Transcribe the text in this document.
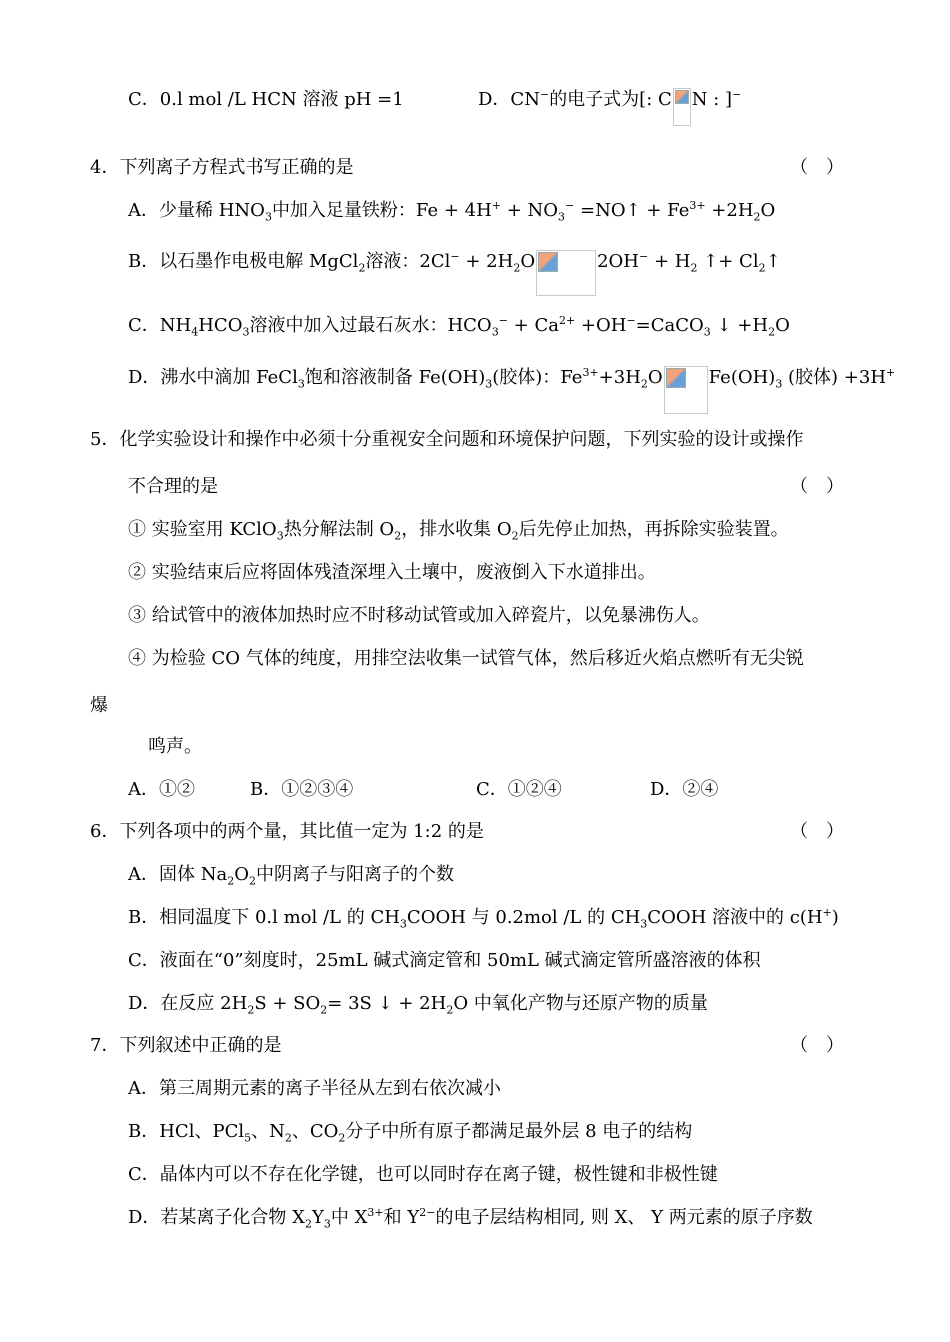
C．0.l mol /L HCN 溶液 pH =1	D．CN−的电子式为[: C N : ]−
4．下列离子方程式书写正确的是	（　）
A．少量稀 $HNO_3$中加入足量铁粉：$Fe + 4H^+ + NO_3^-$ =NO↑ + $Fe^{3+} +2H_2O$
B．以石墨作电极电解 MgCl$_2$溶液：$2Cl^- + 2H_2O$	$2OH^- + H_2$ ↑+ $Cl_2↑$
C．$NH_4HCO_3$溶液中加入过最石灰水：$HCO_3^- + Ca^{2+}$ +OH−=CaCO$_3$ ↓ $+H_2O$
D．沸水中滴加 FeCl$_3$饱和溶液制备 $Fe(OH)_3$(胶体)：$Fe^{3+}+3H_2O$	$Fe(OH)_3$ (胶体) +3H+
5．化学实验设计和操作中必须十分重视安全问题和环境保护问题，下列实验的设计或操作
不合理的是	（　）
① 实验室用 KClO$_3$热分解法制 $O_2$，排水收集 $O_2$后先停止加热，再拆除实验装置。
② 实验结束后应将固体残渣深埋入土壤中，废液倒入下水道排出。
③ 给试管中的液体加热时应不时移动试管或加入碎瓷片，以免暴沸伤人。
④ 为检验 CO 气体的纯度，用排空法收集一试管气体，然后移近火焰点燃听有无尖锐
爆
鸣声。
A．①②	B．①②③④	C．①②④	D．②④
6．下列各项中的两个量，其比值一定为 1:2 的是	（　）
A．固体 $Na_2O_2$中阴离子与阳离子的个数
B．相同温度下 0.l mol /L 的 $CH_3COOH$ 与 0.2mol /L 的 $CH_3COOH$ 溶液中的 c(H+)
C．液面在“0”刻度时，25mL 碱式滴定管和 50mL 碱式滴定管所盛溶液的体积
D．在反应 $2H_2S + SO_2= 3S$ ↓ + $2H_2O$ 中氧化产物与还原产物的质量
7．下列叙述中正确的是	（　）
A．第三周期元素的离子半径从左到右依次减小
B．HCl、PCl$_5$、$N_2$、$CO_2$分子中所有原子都满足最外层 8 电子的结构
C．晶体内可以不存在化学键，也可以同时存在离子键，极性键和非极性键
D．若某离子化合物 $X_2Y_3$中 $X^{3+}$和 $Y^{2-}$的电子层结构相同, 则 X、 Y 两元素的原子序数
